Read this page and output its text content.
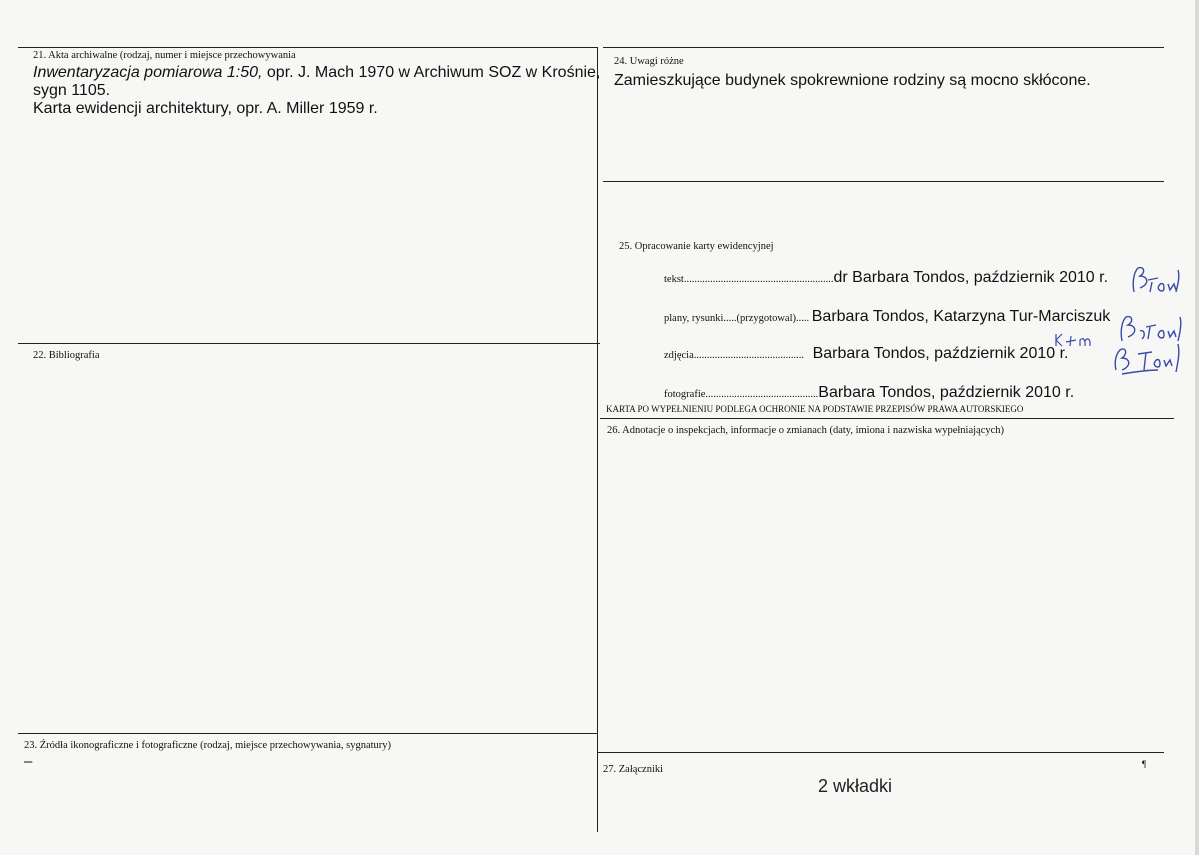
21. Akta archiwalne (rodzaj, numer i miejsce przechowywania
Inwentaryzacja pomiarowa 1:50, opr. J. Mach 1970 w Archiwum SOZ w Krośnie,
sygn 1105.
Karta ewidencji architektury, opr. A. Miller 1959 r.
22. Bibliografia
23. Źródła ikonograficzne i fotograficzne (rodzaj, miejsce przechowywania, sygnatury)
–
24. Uwagi różne
Zamieszkujące budynek spokrewnione rodziny są mocno skłócone.
25. Opracowanie karty ewidencyjnej
tekst.........................................................dr Barbara Tondos, październik 2010 r.
plany, rysunki.....(przygotowal)..... Barbara Tondos, Katarzyna Tur-Marciszuk
zdjęcia.......................................... Barbara Tondos, październik 2010 r.
fotografie...........................................Barbara Tondos, październik 2010 r.
KARTA PO WYPEŁNIENIU PODLEGA OCHRONIE NA PODSTAWIE PRZEPISÓW PRAWA AUTORSKIEGO
26. Adnotacje o inspekcjach, informacje o zmianach (daty, imiona i nazwiska wypełniających)
27. Załączniki
2 wkładki
¶
